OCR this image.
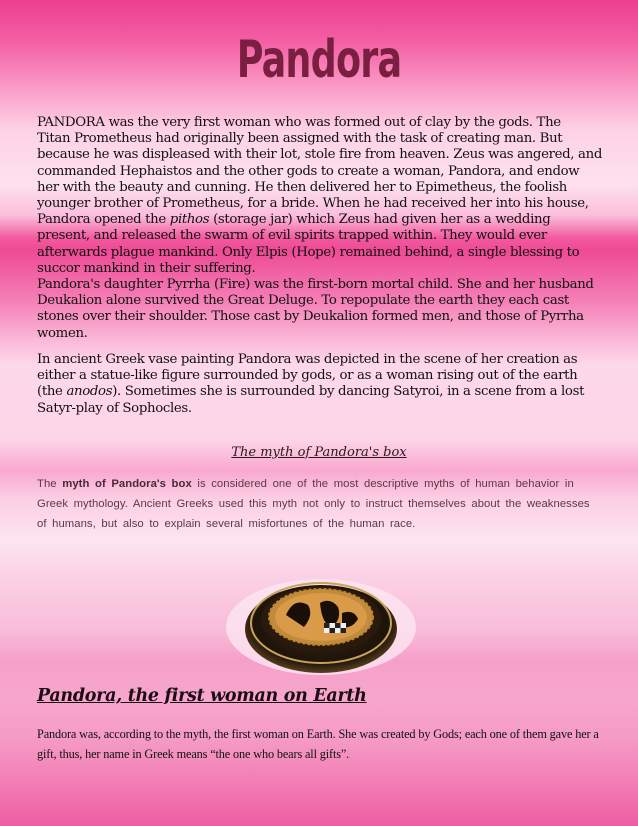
Pandora
PANDORA was the very first woman who was formed out of clay by the gods. The
Titan Prometheus had originally been assigned with the task of creating man. But
because he was displeased with their lot, stole fire from heaven. Zeus was angered, and
commanded Hephaistos and the other gods to create a woman, Pandora, and endow
her with the beauty and cunning. He then delivered her to Epimetheus, the foolish
younger brother of Prometheus, for a bride. When he had received her into his house,
Pandora opened the pithos (storage jar) which Zeus had given her as a wedding
present, and released the swarm of evil spirits trapped within. They would ever
afterwards plague mankind. Only Elpis (Hope) remained behind, a single blessing to
succor mankind in their suffering.
Pandora's daughter Pyrrha (Fire) was the first-born mortal child. She and her husband
Deukalion alone survived the Great Deluge. To repopulate the earth they each cast
stones over their shoulder. Those cast by Deukalion formed men, and those of Pyrrha
women.
In ancient Greek vase painting Pandora was depicted in the scene of her creation as
either a statue-like figure surrounded by gods, or as a woman rising out of the earth
(the anodos). Sometimes she is surrounded by dancing Satyroi, in a scene from a lost
Satyr-play of Sophocles.
The myth of Pandora's box
The myth of Pandora's box is considered one of the most descriptive myths of human behavior in Greek mythology. Ancient Greeks used this myth not only to instruct themselves about the weaknesses of humans, but also to explain several misfortunes of the human race.
Pandora, the first woman on Earth
Pandora was, according to the myth, the first woman on Earth. She was created by Gods; each one of them gave her a gift, thus, her name in Greek means “the one who bears all gifts”.
